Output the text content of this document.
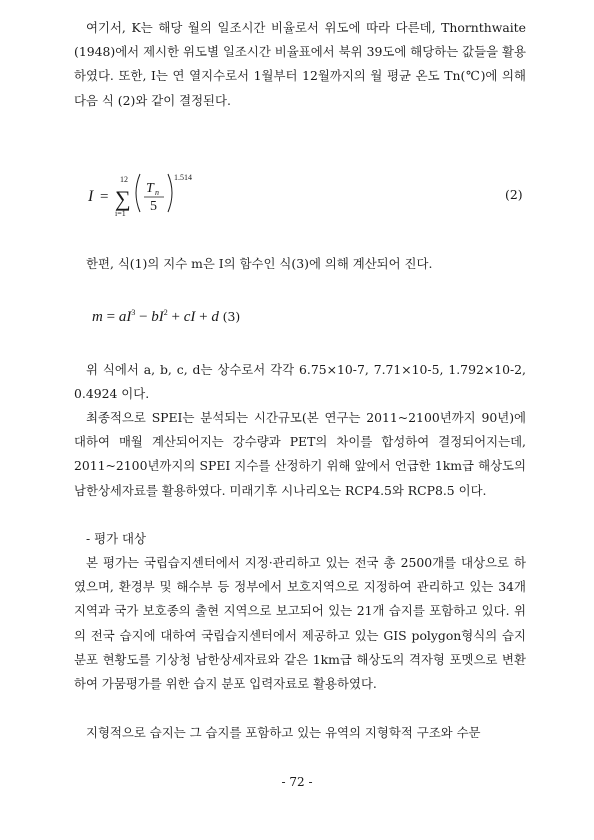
여기서, K는 해당 월의 일조시간 비율로서 위도에 따라 다른데, Thornthwaite (1948)에서 제시한 위도별 일조시간 비율표에서 북위 39도에 해당하는 값들을 활용하였다. 또한, I는 연 열지수로서 1월부터 12월까지의 월 평균 온도 Tn(℃)에 의해 다음 식 (2)와 같이 결정된다.

I =
12
∑
i=1
T n
5
1.514
(2)

한편, 식(1)의 지수 m은 I의 함수인 식(3)에 의해 계산되어 진다.

$m = aI^3 - bI^2$ + cI + d (3)

위 식에서 a, b, c, d는 상수로서 각각 6.75×10-7, 7.71×10-5, 1.792×10-2, 0.4924 이다.

최종적으로 SPEI는 분석되는 시간규모(본 연구는 2011~2100년까지 90년)에 대하여 매월 계산되어지는 강수량과 PET의 차이를 합성하여 결정되어지는데, 2011~2100년까지의 SPEI 지수를 산정하기 위해 앞에서 언급한 1km급 해상도의 남한상세자료를 활용하였다. 미래기후 시나리오는 RCP4.5와 RCP8.5 이다.

- 평가 대상

본 평가는 국립습지센터에서 지정·관리하고 있는 전국 총 2500개를 대상으로 하였으며, 환경부 및 해수부 등 정부에서 보호지역으로 지정하여 관리하고 있는 34개 지역과 국가 보호종의 출현 지역으로 보고되어 있는 21개 습지를 포함하고 있다. 위의 전국 습지에 대하여 국립습지센터에서 제공하고 있는 GIS polygon형식의 습지분포 현황도를 기상청 남한상세자료와 같은 1km급 해상도의 격자형 포멧으로 변환하여 가뭄평가를 위한 습지 분포 입력자료로 활용하였다.

지형적으로 습지는 그 습지를 포함하고 있는 유역의 지형학적 구조와 수문

- 72 -
